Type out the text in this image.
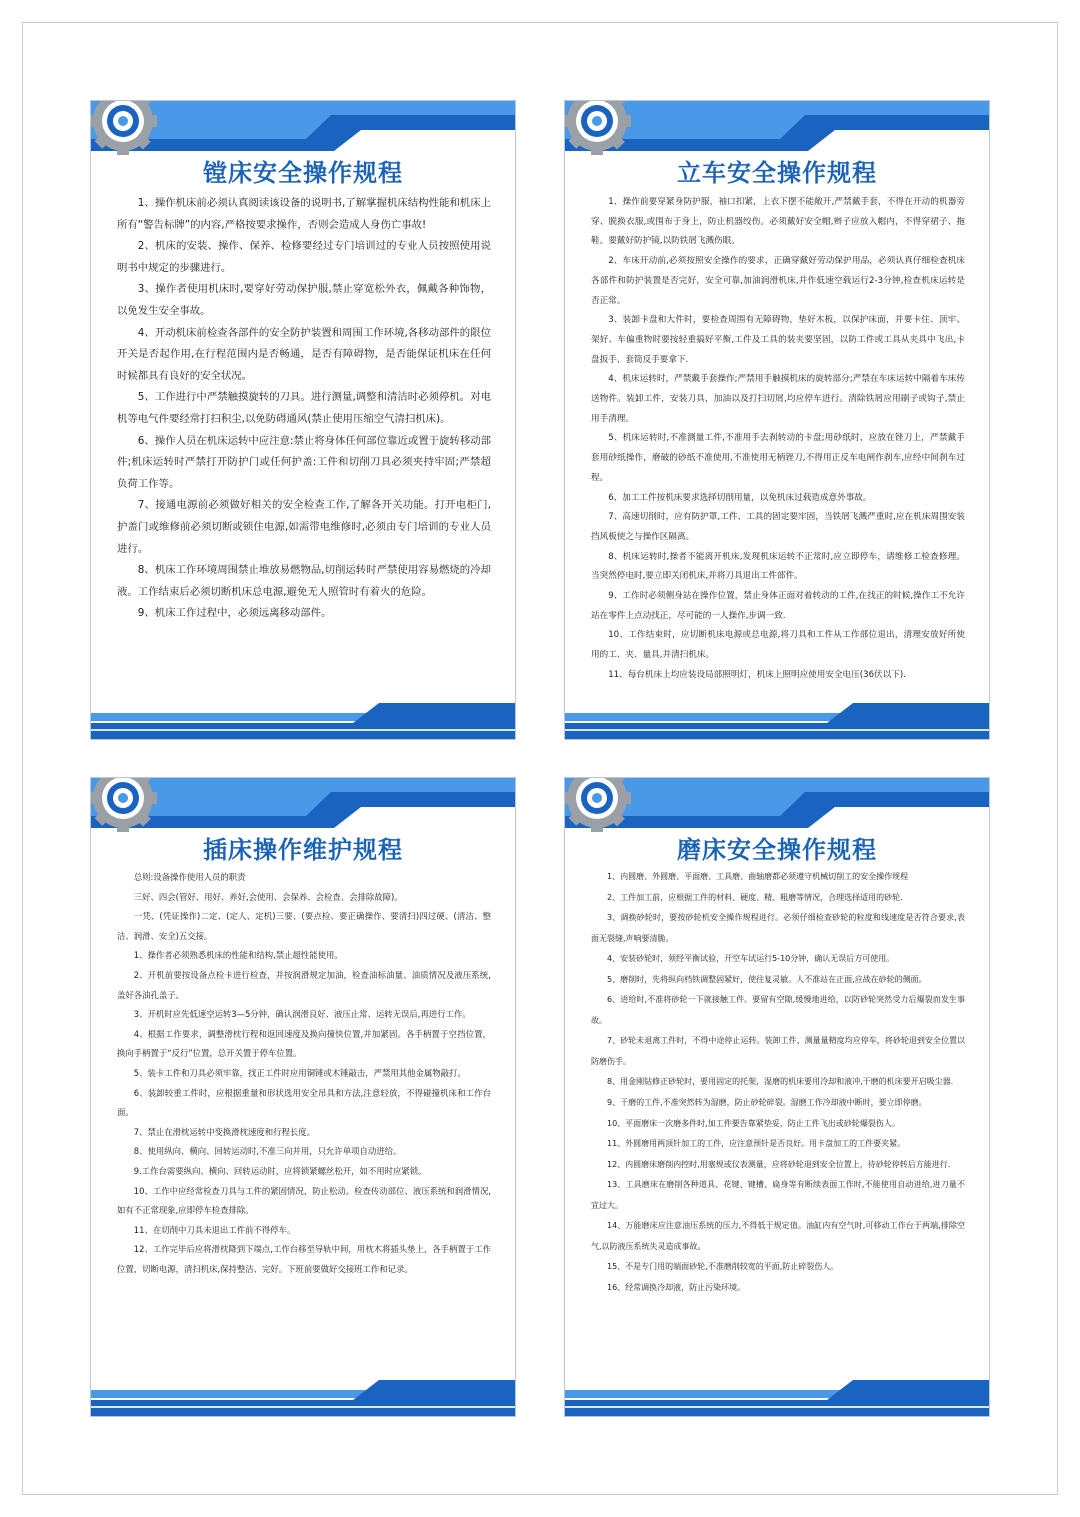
镗床安全操作规程

1、操作机床前必须认真阅读该设备的说明书,了解掌握机床结构性能和机床上所有“警告标牌”的内容,严格按要求操作，否则会造成人身伤亡事故!

2、机床的安装、操作、保养、检修要经过专门培训过的专业人员按照使用说明书中规定的步骤进行。

3、操作者使用机床时,要穿好劳动保护服,禁止穿宽松外衣，佩戴各种饰物，以免发生安全事故。

4、开动机床前检查各部件的安全防护装置和周围工作环境,各移动部件的限位开关是否起作用,在行程范围内是否畅通，是否有障碍物，是否能保证机床在任何时候都具有良好的安全状况。

5、工作进行中严禁触摸旋转的刀具。进行测量,调整和清洁时必须停机。对电机等电气件要经常打扫积尘,以免防碍通风(禁止使用压缩空气清扫机床)。

6、操作人员在机床运转中应注意:禁止将身体任何部位靠近或置于旋转移动部件;机床运转时严禁打开防护门或任何护盖:工件和切削刀具必须夹持牢固;严禁超负荷工作等。

7、接通电源前必须做好相关的安全检查工作,了解各开关功能。打开电柜门,护盖门或维修前必须切断或锁住电源,如需带电维修时,必须由专门培训的专业人员进行。

8、机床工作环境周围禁止堆放易燃物品,切削运转时严禁使用容易燃烧的冷却液。工作结束后必须切断机床总电源,避免无人照管时有着火的危险。

9、机床工作过程中，必须远离移动部件。

立车安全操作规程

1、操作前要穿紧身防护服，袖口扣紧，上衣下摆不能敞开,严禁戴手套，不得在开动的机器旁穿、脱换衣服,或围布于身上，防止机器绞伤。必须戴好安全帽,辫子应放入帽内，不得穿裙子、拖鞋。要戴好防护镜,以防铁屑飞溅伤眼。

2、车床开动前,必须按照安全操作的要求，正确穿戴好劳动保护用品，必须认真仔细检查机床各部件和防护装置是否完好，安全可靠,加油润滑机床,并作低速空载运行2-3分钟,检查机床运转是否正常。

3、装卸卡盘和大件时，要检查周围有无障碍物，垫好木板，以保护床面，并要卡住、顶牢、架好、车偏重物时要按轻重搞好平衡,工件及工具的装夹要坚固，以防工件或工具从夹具中飞出,卡盘扳手、套筒反手要拿下.

4、机床运转时，严禁戴手套操作;严禁用手触摸机床的旋转部分;严禁在车床运转中隔着车床传送物件。装卸工件，安装刀具，加油以及打扫切屑,均应停车进行。清除铁屑应用刷子或钩子,禁止用手清理。

5、机床运转时,不准测量工件,不准用手去刹转动的卡盘;用砂纸时，应放在锉刀上，严禁戴手套用砂纸操作，磨破的砂纸不准使用,不准使用无柄锉刀,不得用正反车电闸作刹车,应经中间刹车过程。

6、加工工件按机床要求选择切削用量，以免机床过载造成意外事故。

7、高速切削时，应有防护罩,工件、工具的固定要牢固，当铁屑飞溅严重时,应在机床周围安装挡风板使之与操作区隔离。

8、机床运转时,操者不能离开机床,发现机床运转不正常时,应立即停车，请维修工检查修理。当突然停电时,要立即关闭机床,并将刀具退出工件部件。

9、工作时必须侧身站在操作位置，禁止身体正面对着转动的工件,在找正的时候,操作工不允许站在零件上点动找正，尽可能的一人操作,步调一致.

10、工作结束时，应切断机床电源或总电源,将刀具和工件从工作部位退出，清理安放好所使用的工、夹、量具,并清扫机床。

11、每台机床上均应装设局部照明灯，机床上照明应使用安全电压(36伏以下).

插床操作维护规程

总则:设备操作使用人员的职责

三好、四会(管好、用好、养好,会使用、会保养、会检查、会排除故障)。

一凭、(凭证操作)二定、(定人、定机)三要、(要点检、要正确操作、要清扫)四过硬、(清洁、整洁、润滑、安全)五交接。

1、操作者必须熟悉机床的性能和结构,禁止超性能使用。

2、开机前要按设备点检卡进行检查，并按润滑规定加油，检查油标油量、油质情况及液压系统,盖好各油孔盖子。

3、开机时应先低速空运转3—5分钟，确认润滑良好、液压止常、运转无误后,再进行工作。

4、根据工作要求，调整滑枕行程和返回速度及换向撞快位置,并加紧固。各手柄置于空挡位置，换向手柄置于“反行”位置，总开关置于停车位置。

5、装卡工件和刀具必须牢靠，找正工件时应用铜锤或木锤敲击，严禁用其他金属物敲打。

6、装卸较重工件时，应根据重量和形状选用安全吊具和方法,注意轻放，不得碰撞机床和工作台面。

7、禁止在滑枕运转中变换滑枕速度和行程长度。

8、使用纵向、横向、回转运动时,不准三向并用，只允许单项自动进给。

9.工作台需要纵向、横向、回转运动时，应将锁紧螺丝松开，如不用时应紧锁。

10、工作中应经常检查刀具与工件的紧固情况，防止松动。检查传动部位、液压系统和润滑情况,如有不正常现象,应即停车检查排除。

11、在切削中刀具未退出工件前不得停车。

12、工作完毕后应将滑枕降到下端点,工作台移至导轨中间，用枕木将插头垫上，各手柄置于工作位置，切断电源，清扫机床,保持整洁、完好。下班前要做好交接班工作和记录。

磨床安全操作规程

1、内圆磨、外圆磨、平面磨、工具磨、曲轴磨都必须遵守机械切削工的安全操作规程

2、工件加工前，应根据工件的材料、硬度、精、粗磨等情况，合理选择适用的砂轮.

3、调换砂轮时，要按砂轮机安全操作规程进行。必须仔细检查砂轮的粒度和线速度是否符合要求,表面无裂缝,声响要清脆。

4、安装砂轮时，须经平衡试验，开空车试运行5-10分钟，确认无误后方可使用。

5、磨削时，先将纵向档铁调整固紧好，使往复灵敏。人不准站在正面,应战在砂轮的侧面。

6、进给时,不准将砂轮一下就接触工件。要留有空隙,缓慢地进给，以防砂轮突然受力后爆裂而发生事故。

7、砂轮未退离工件时，不得中途停止运转。装卸工件、测量量精度均应停车，将砂轮退到安全位置以防磨伤手。

8、用金刚钻修正砂轮时，要用固定的托架，湿磨的机床要用冷却和液冲,干磨的机床要开启吸尘器.

9、干磨的工件,不准突然转为湿磨，防止砂轮碎裂。湿磨工作冷却液中断时，要立即停磨。

10、平面磨床一次磨多件时,加工件要告靠紧垫妥，防止工件飞出或砂轮爆裂伤人。

11、外圆磨用两顶针加工的工件，应注意预针是否良好。用卡盘加工的工件要夹紧。

12、内圆磨床磨削内控时,用塞规或仪表测量，应将砂轮退到安全位置上，待砂轮停转后方能进行.

13、工具磨床在磨削各种道具、花键、键槽、扁身等有断续表面工作时,不能使用自动进给,进刀量不宜过大。

14、万能磨床应注意油压系统的压力,不得低于规定值。油缸内有空气时,可移动工作台于两端,排除空气,以防液压系统失灵造成事故。

15、不是专门用的端面砂轮,不准磨削较宽的平面,防止碎裂伤人。

16、经常调换冷却液，防止污染环境。
